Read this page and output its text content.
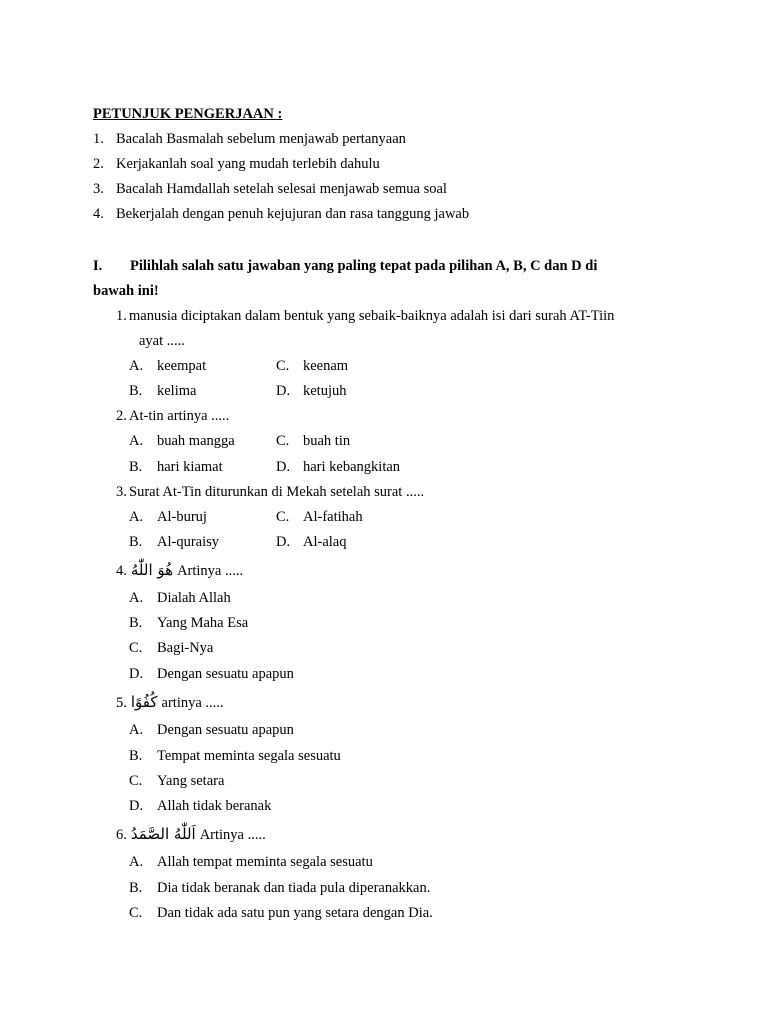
PETUNJUK PENGERJAAN :
1. Bacalah Basmalah sebelum menjawab pertanyaan
2. Kerjakanlah soal yang mudah terlebih dahulu
3. Bacalah Hamdallah setelah selesai menjawab semua soal
4. Bekerjalah dengan penuh kejujuran dan rasa tanggung jawab
I. Pilihlah salah satu jawaban yang paling tepat pada pilihan A, B, C dan D di
bawah ini!
1. manusia diciptakan dalam bentuk yang sebaik-baiknya adalah isi dari surah AT-Tiin
ayat .....
A. keempat	C. keenam
B. kelima	D. ketujuh
2. At-tin artinya .....
A. buah mangga	C. buah tin
B. hari kiamat	D. hari kebangkitan
3. Surat At-Tin diturunkan di Mekah setelah surat .....
A. Al-buruj	C. Al-fatihah
B. Al-quraisy	D. Al-alaq
4. هُوَ اللّٰهُ Artinya .....
A. Dialah Allah
B. Yang Maha Esa
C. Bagi-Nya
D. Dengan sesuatu apapun
5. كُفُوًا artinya .....
A. Dengan sesuatu apapun
B. Tempat meminta segala sesuatu
C. Yang setara
D. Allah tidak beranak
6. اَللّٰهُ الصَّمَدُ Artinya .....
A. Allah tempat meminta segala sesuatu
B. Dia tidak beranak dan tiada pula diperanakkan.
C. Dan tidak ada satu pun yang setara dengan Dia.
